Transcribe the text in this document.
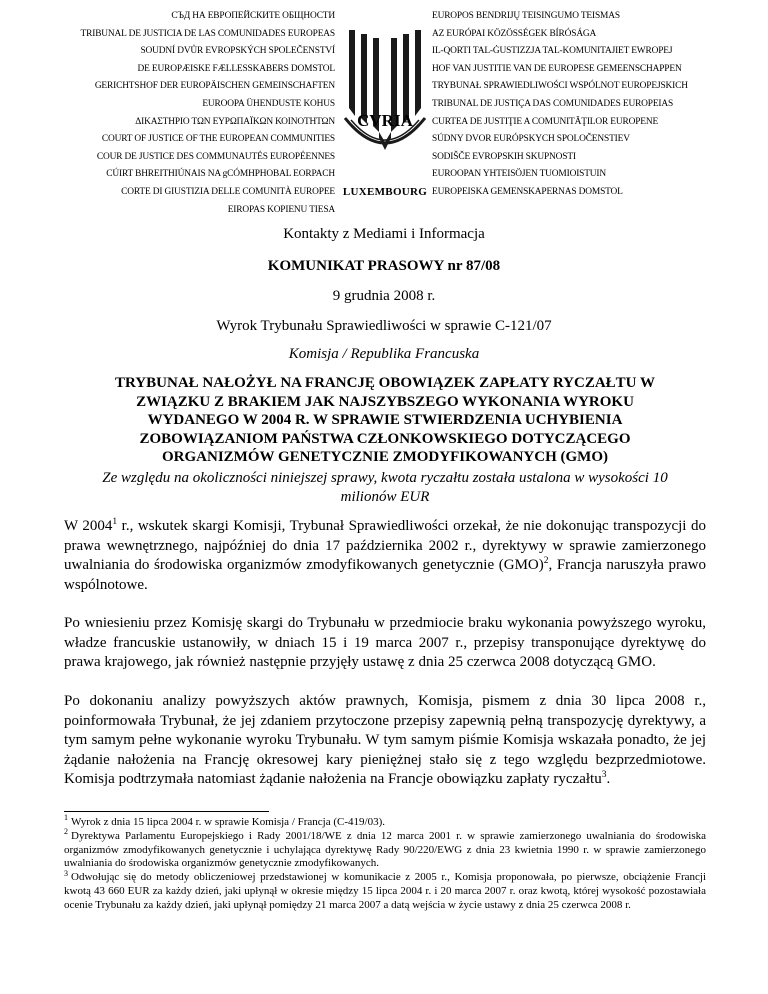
СЪД НА ЕВРОПЕЙСКИТЕ ОБЩНОСТИ
TRIBUNAL DE JUSTICIA DE LAS COMUNIDADES EUROPEAS
SOUDNÍ DVŮR EVROPSKÝCH SPOLEČENSTVÍ
DE EUROPÆISKE FÆLLESSKABERS DOMSTOL
GERICHTSHOF DER EUROPÄISCHEN GEMEINSCHAFTEN
EUROOPA ÜHENDUSTE KOHUS
ΔΙΚΑΣΤΗΡΙΟ ΤΩΝ ΕΥΡΩΠΑΪΚΩΝ ΚΟΙΝΟΤΗΤΩΝ
COURT OF JUSTICE OF THE EUROPEAN COMMUNITIES
COUR DE JUSTICE DES COMMUNAUTÉS EUROPÉENNES
CÚIRT BHREITHIÚNAIS NA gCÓMHPHOBAL EORPACH
CORTE DI GIUSTIZIA DELLE COMUNITÀ EUROPEE
EIROPAS KOPIENU TIESA
CVRIA
LUXEMBOURG
EUROPOS BENDRIJŲ TEISINGUMO TEISMAS
AZ EURÓPAI KÖZÖSSÉGEK BÍRÓSÁGA
IL-QORTI TAL-ĠUSTIZZJA TAL-KOMUNITAJIET EWROPEJ
HOF VAN JUSTITIE VAN DE EUROPESE GEMEENSCHAPPEN
TRYBUNAŁ SPRAWIEDLIWOŚCI WSPÓLNOT EUROPEJSKICH
TRIBUNAL DE JUSTIÇA DAS COMUNIDADES EUROPEIAS
CURTEA DE JUSTIŢIE A COMUNITĂŢILOR EUROPENE
SÚDNY DVOR EURÓPSKYCH SPOLOČENSTIEV
SODIŠČE EVROPSKIH SKUPNOSTI
EUROOPAN YHTEISÖJEN TUOMIOISTUIN
EUROPEISKA GEMENSKAPERNAS DOMSTOL
Kontakty z Mediami i Informacja
KOMUNIKAT PRASOWY nr 87/08
9 grudnia 2008 r.
Wyrok Trybunału Sprawiedliwości w sprawie C-121/07
Komisja / Republika Francuska
TRYBUNAŁ NAŁOŻYŁ NA FRANCJĘ OBOWIĄZEK ZAPŁATY RYCZAŁTU W ZWIĄZKU Z BRAKIEM JAK NAJSZYBSZEGO WYKONANIA WYROKU WYDANEGO W 2004 R. W SPRAWIE STWIERDZENIA UCHYBIENIA ZOBOWIĄZANIOM PAŃSTWA CZŁONKOWSKIEGO DOTYCZĄCEGO ORGANIZMÓW GENETYCZNIE ZMODYFIKOWANYCH (GMO)
Ze względu na okoliczności niniejszej sprawy, kwota ryczałtu została ustalona w wysokości 10 milionów EUR

W 2004$^1$ r., wskutek skargi Komisji, Trybunał Sprawiedliwości orzekał, że nie dokonując transpozycji do prawa wewnętrznego, najpóźniej do dnia 17 października 2002 r., dyrektywy w sprawie zamierzonego uwalniania do środowiska organizmów zmodyfikowanych genetycznie (GMO)$^2$, Francja naruszyła prawo wspólnotowe.

Po wniesieniu przez Komisję skargi do Trybunału w przedmiocie braku wykonania powyższego wyroku, władze francuskie ustanowiły, w dniach 15 i 19 marca 2007 r., przepisy transponujące dyrektywę do prawa krajowego, jak również następnie przyjęły ustawę z dnia 25 czerwca 2008 dotyczącą GMO.

Po dokonaniu analizy powyższych aktów prawnych, Komisja, pismem z dnia 30 lipca 2008 r., poinformowała Trybunał, że jej zdaniem przytoczone przepisy zapewnią pełną transpozycję dyrektywy, a tym samym pełne wykonanie wyroku Trybunału. W tym samym piśmie Komisja wskazała ponadto, że jej żądanie nałożenia na Francję okresowej kary pieniężnej stało się z tego względu bezprzedmiotowe. Komisja podtrzymała natomiast żądanie nałożenia na Francje obowiązku zapłaty ryczałtu$^3$.

$^1$ Wyrok z dnia 15 lipca 2004 r. w sprawie Komisja / Francja (C-419/03).

$^2$ Dyrektywa Parlamentu Europejskiego i Rady 2001/18/WE z dnia 12 marca 2001 r. w sprawie zamierzonego uwalniania do środowiska organizmów zmodyfikowanych genetycznie i uchylająca dyrektywę Rady 90/220/EWG z dnia 23 kwietnia 1990 r. w sprawie zamierzonego uwalniania do środowiska organizmów genetycznie zmodyfikowanych.

$^3$ Odwołując się do metody obliczeniowej przedstawionej w komunikacie z 2005 r., Komisja proponowała, po pierwsze, obciążenie Francji kwotą 43 660 EUR za każdy dzień, jaki upłynął w okresie między 15 lipca 2004 r. i 20 marca 2007 r. oraz kwotą, której wysokość pozostawiała ocenie Trybunału za każdy dzień, jaki upłynął pomiędzy 21 marca 2007 a datą wejścia w życie ustawy z dnia 25 czerwca 2008 r.
